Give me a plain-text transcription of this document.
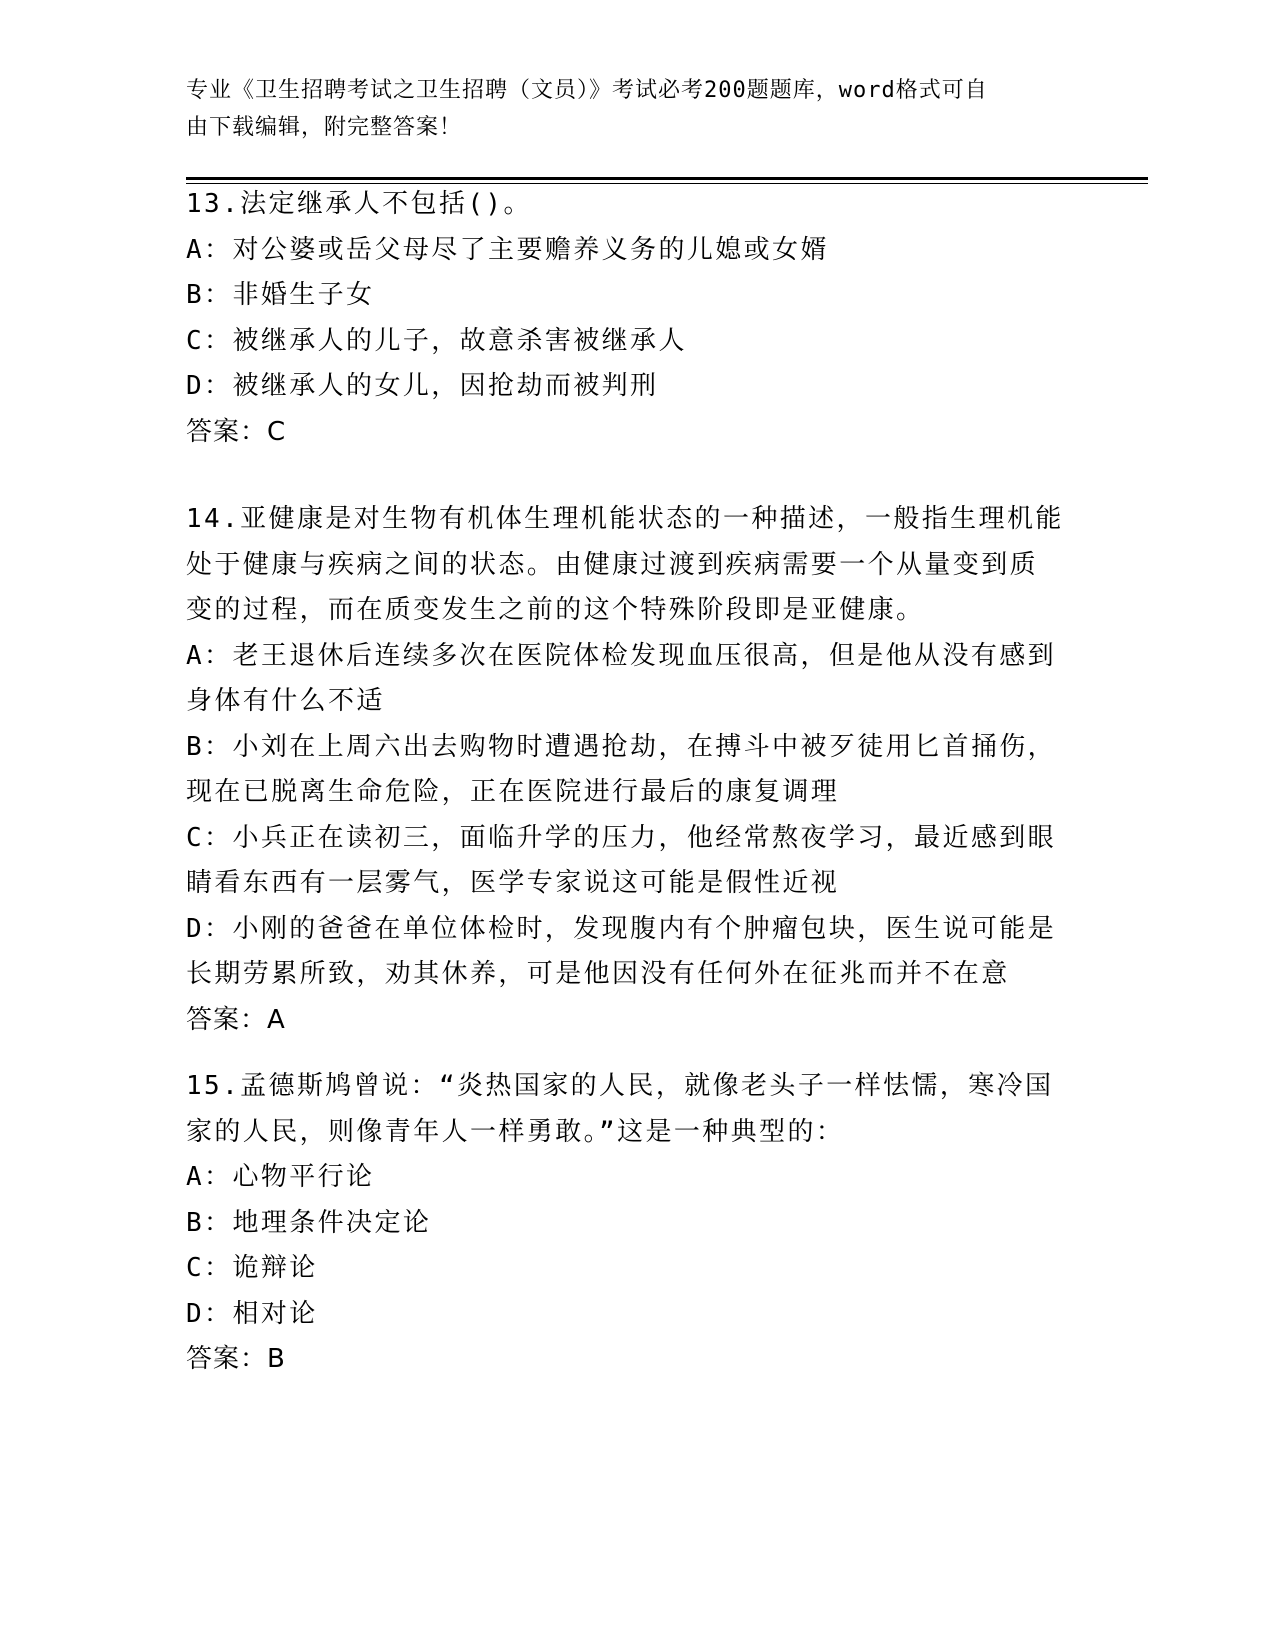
专业《卫生招聘考试之卫生招聘（文员）》考试必考200题题库，word格式可自
由下载编辑，附完整答案！
13.法定继承人不包括()。
A：对公婆或岳父母尽了主要赡养义务的儿媳或女婿
B：非婚生子女
C：被继承人的儿子，故意杀害被继承人
D：被继承人的女儿，因抢劫而被判刑
答案：C
14.亚健康是对生物有机体生理机能状态的一种描述，一般指生理机能
处于健康与疾病之间的状态。由健康过渡到疾病需要一个从量变到质
变的过程，而在质变发生之前的这个特殊阶段即是亚健康。
A：老王退休后连续多次在医院体检发现血压很高，但是他从没有感到
身体有什么不适
B：小刘在上周六出去购物时遭遇抢劫，在搏斗中被歹徒用匕首捅伤，
现在已脱离生命危险，正在医院进行最后的康复调理
C：小兵正在读初三，面临升学的压力，他经常熬夜学习，最近感到眼
睛看东西有一层雾气，医学专家说这可能是假性近视
D：小刚的爸爸在单位体检时，发现腹内有个肿瘤包块，医生说可能是
长期劳累所致，劝其休养，可是他因没有任何外在征兆而并不在意
答案：A
15.孟德斯鸠曾说：“炎热国家的人民，就像老头子一样怯懦，寒冷国
家的人民，则像青年人一样勇敢。”这是一种典型的：
A：心物平行论
B：地理条件决定论
C：诡辩论
D：相对论
答案：B
